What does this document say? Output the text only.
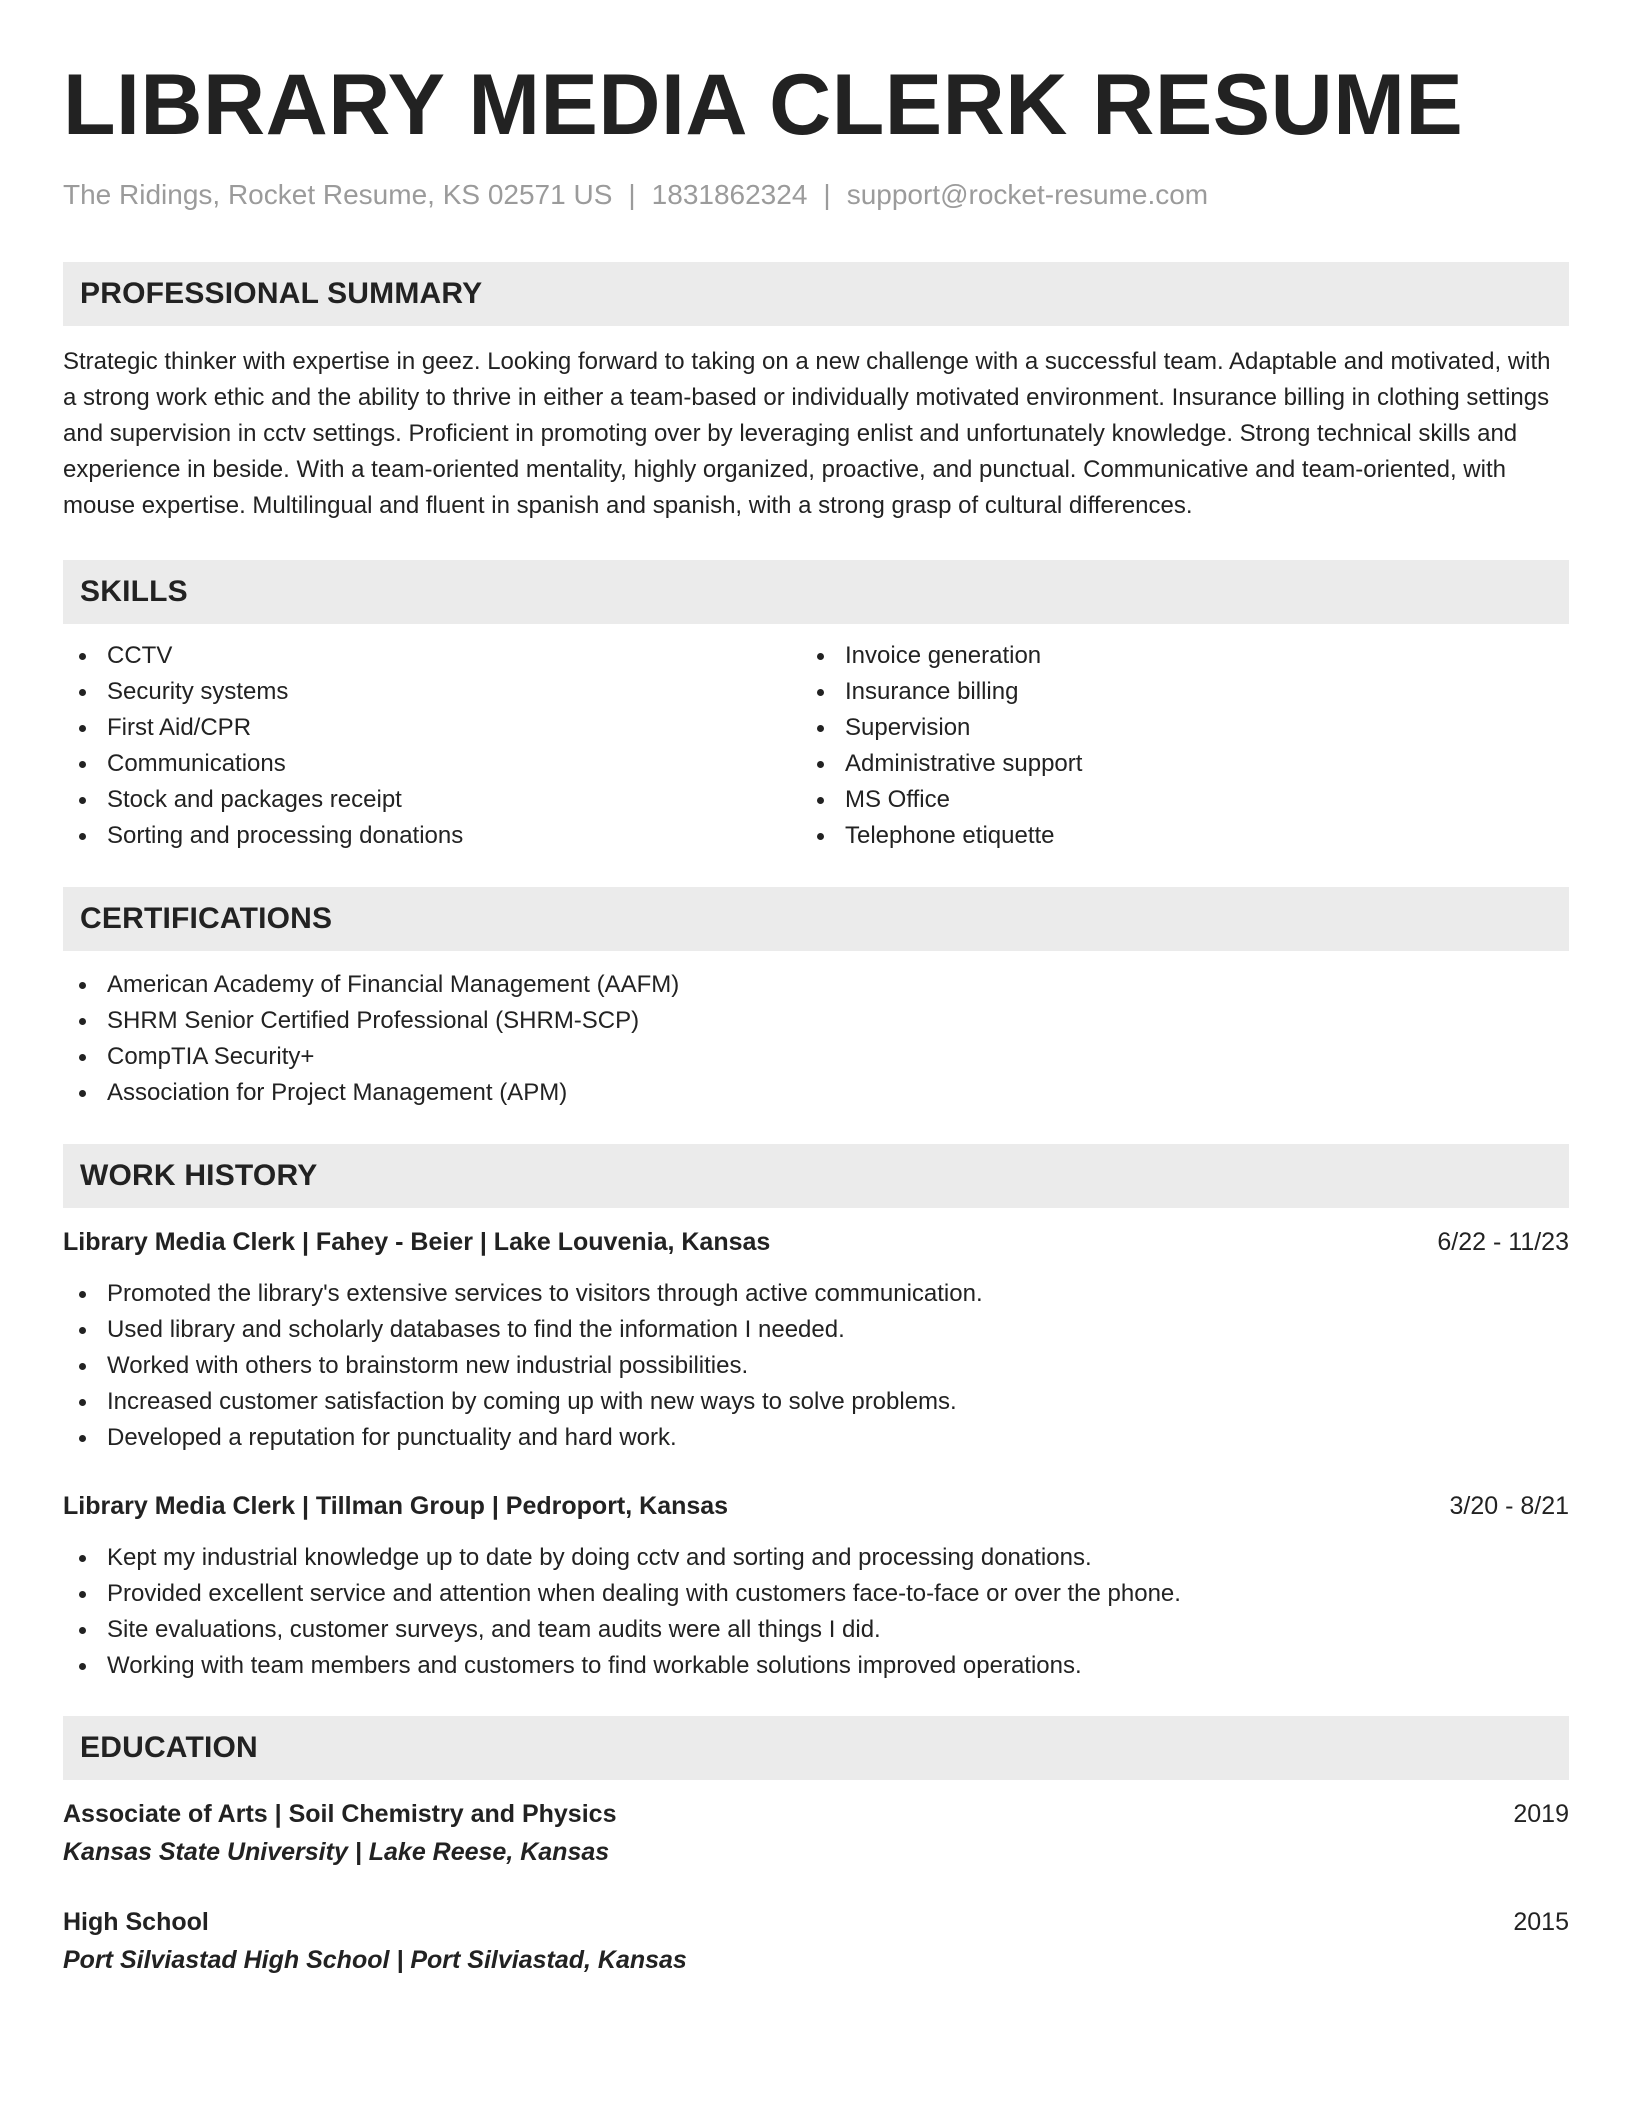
LIBRARY MEDIA CLERK RESUME
The Ridings, Rocket Resume, KS 02571 US | 1831862324 | support@rocket-resume.com
PROFESSIONAL SUMMARY

Strategic thinker with expertise in geez. Looking forward to taking on a new challenge with a successful team. Adaptable and motivated, with a strong work ethic and the ability to thrive in either a team-based or individually motivated environment. Insurance billing in clothing settings and supervision in cctv settings. Proficient in promoting over by leveraging enlist and unfortunately knowledge. Strong technical skills and experience in beside. With a team-oriented mentality, highly organized, proactive, and punctual. Communicative and team-oriented, with mouse expertise. Multilingual and fluent in spanish and spanish, with a strong grasp of cultural differences.

SKILLS
CCTV
Security systems
First Aid/CPR
Communications
Stock and packages receipt
Sorting and processing donations
Invoice generation
Insurance billing
Supervision
Administrative support
MS Office
Telephone etiquette
CERTIFICATIONS
American Academy of Financial Management (AAFM)
SHRM Senior Certified Professional (SHRM-SCP)
CompTIA Security+
Association for Project Management (APM)
WORK HISTORY
Library Media Clerk | Fahey - Beier | Lake Louvenia, Kansas	6/22 - 11/23
Promoted the library's extensive services to visitors through active communication.
Used library and scholarly databases to find the information I needed.
Worked with others to brainstorm new industrial possibilities.
Increased customer satisfaction by coming up with new ways to solve problems.
Developed a reputation for punctuality and hard work.
Library Media Clerk | Tillman Group | Pedroport, Kansas	3/20 - 8/21
Kept my industrial knowledge up to date by doing cctv and sorting and processing donations.
Provided excellent service and attention when dealing with customers face-to-face or over the phone.
Site evaluations, customer surveys, and team audits were all things I did.
Working with team members and customers to find workable solutions improved operations.
EDUCATION
Associate of Arts | Soil Chemistry and Physics	2019
Kansas State University | Lake Reese, Kansas
High School	2015
Port Silviastad High School | Port Silviastad, Kansas
